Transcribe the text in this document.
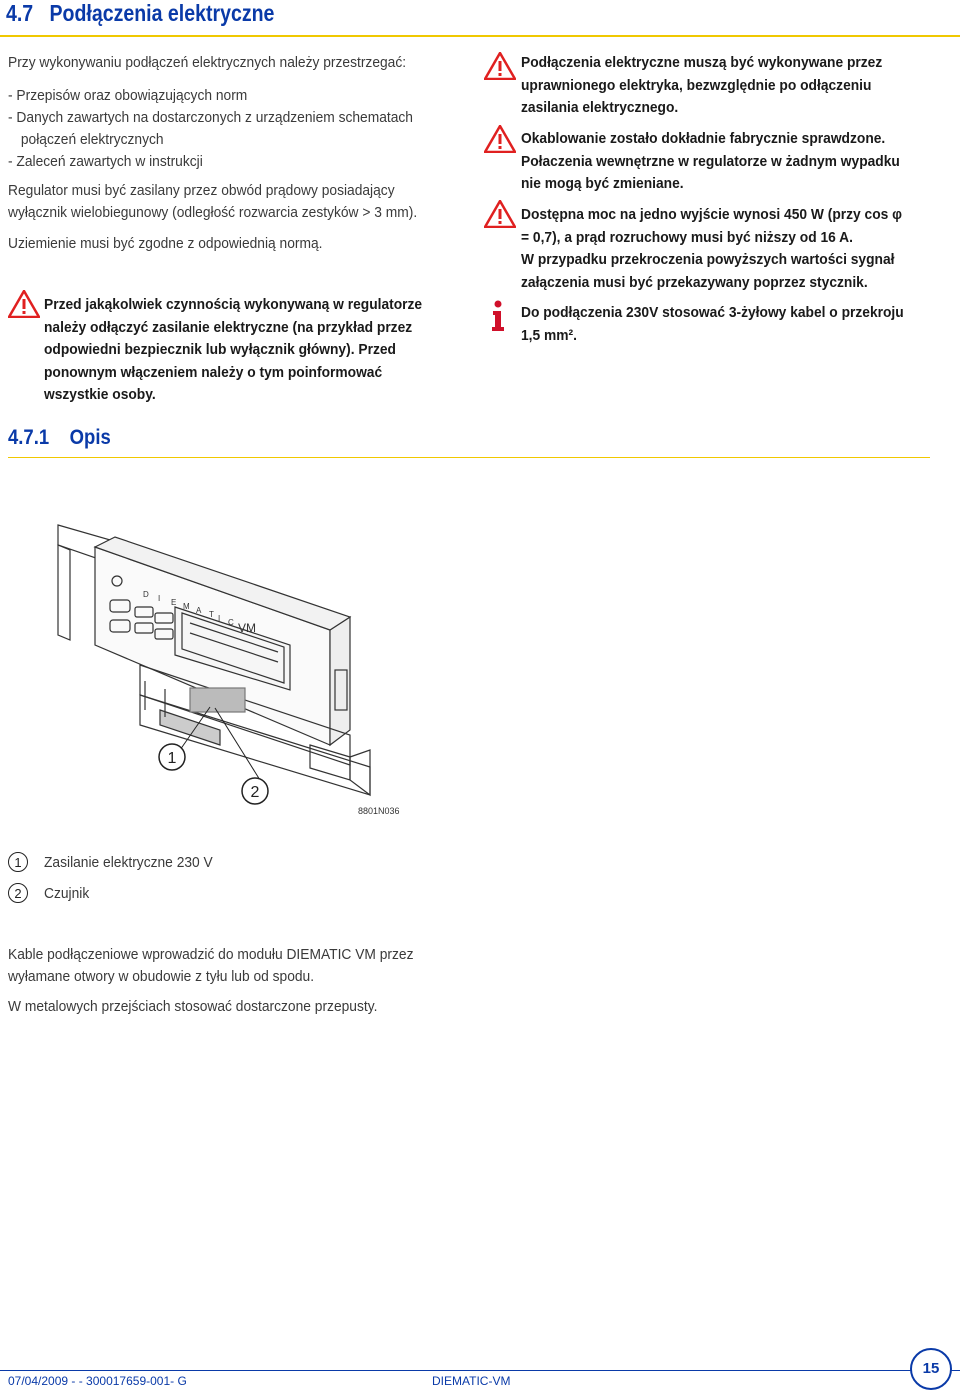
4.7 Podłączenia elektryczne
Przy wykonywaniu podłączeń elektrycznych należy przestrzegać:
- Przepisów oraz obowiązujących norm
- Danych zawartych na dostarczonych z urządzeniem schematach
połączeń elektrycznych
- Zaleceń zawartych w instrukcji
Regulator musi być zasilany przez obwód prądowy posiadający
wyłącznik wielobiegunowy (odległość rozwarcia zestyków > 3 mm).
Uziemienie musi być zgodne z odpowiednią normą.
Przed jakąkolwiek czynnością wykonywaną w regulatorze
należy odłączyć zasilanie elektryczne (na przykład przez
odpowiedni bezpiecznik lub wyłącznik główny). Przed
ponownym włączeniem należy o tym poinformować
wszystkie osoby.
Podłączenia elektryczne muszą być wykonywane przez
uprawnionego elektryka, bezwzględnie po odłączeniu
zasilania elektrycznego.
Okablowanie zostało dokładnie fabrycznie sprawdzone.
Połaczenia wewnętrzne w regulatorze w żadnym wypadku
nie mogą być zmieniane.
Dostępna moc na jedno wyjście wynosi 450 W (przy cos φ
= 0,7), a prąd rozruchowy musi być niższy od 16 A.
W przypadku przekroczenia powyższych wartości sygnał
załączenia musi być przekazywany poprzez stycznik.
Do podłączenia 230V stosować 3-żyłowy kabel o przekroju
1,5 mm².
4.7.1 Opis
D I E M A T I C VM
1
2
8801N036
1	Zasilanie elektryczne 230 V
2	Czujnik
Kable podłączeniowe wprowadzić do modułu DIEMATIC VM przez
wyłamane otwory w obudowie z tyłu lub od spodu.
W metalowych przejściach stosować dostarczone przepusty.
07/04/2009 - - 300017659-001- G	DIEMATIC-VM
15
